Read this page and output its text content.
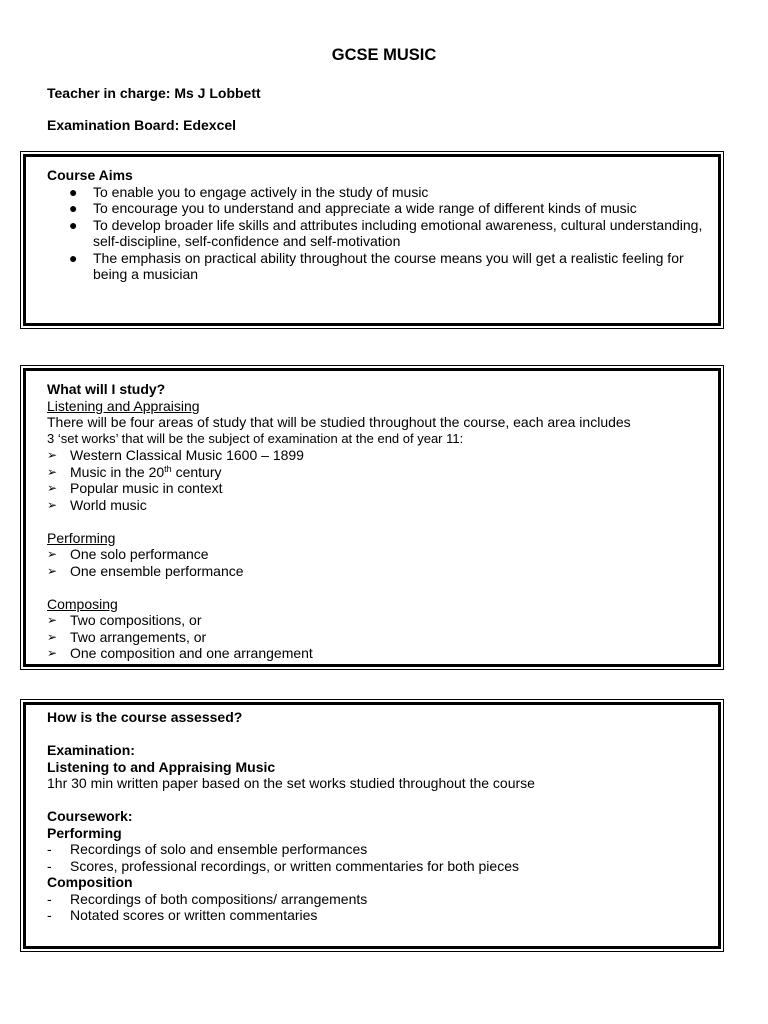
GCSE MUSIC
Teacher in charge: Ms J Lobbett
Examination Board: Edexcel
Course Aims
● To enable you to engage actively in the study of music
● To encourage you to understand and appreciate a wide range of different kinds of music
● To develop broader life skills and attributes including emotional awareness, cultural understanding, self-discipline, self-confidence and self-motivation
● The emphasis on practical ability throughout the course means you will get a realistic feeling for being a musician
What will I study?
Listening and Appraising
There will be four areas of study that will be studied throughout the course, each area includes
3 ‘set works’ that will be the subject of examination at the end of year 11:
➢ Western Classical Music 1600 – 1899
➢ Music in the 20th century
➢ Popular music in context
➢ World music
Performing
➢ One solo performance
➢ One ensemble performance
Composing
➢ Two compositions, or
➢ Two arrangements, or
➢ One composition and one arrangement
How is the course assessed?
Examination:
Listening to and Appraising Music
1hr 30 min written paper based on the set works studied throughout the course
Coursework:
Performing
- Recordings of solo and ensemble performances
- Scores, professional recordings, or written commentaries for both pieces
Composition
- Recordings of both compositions/ arrangements
- Notated scores or written commentaries
